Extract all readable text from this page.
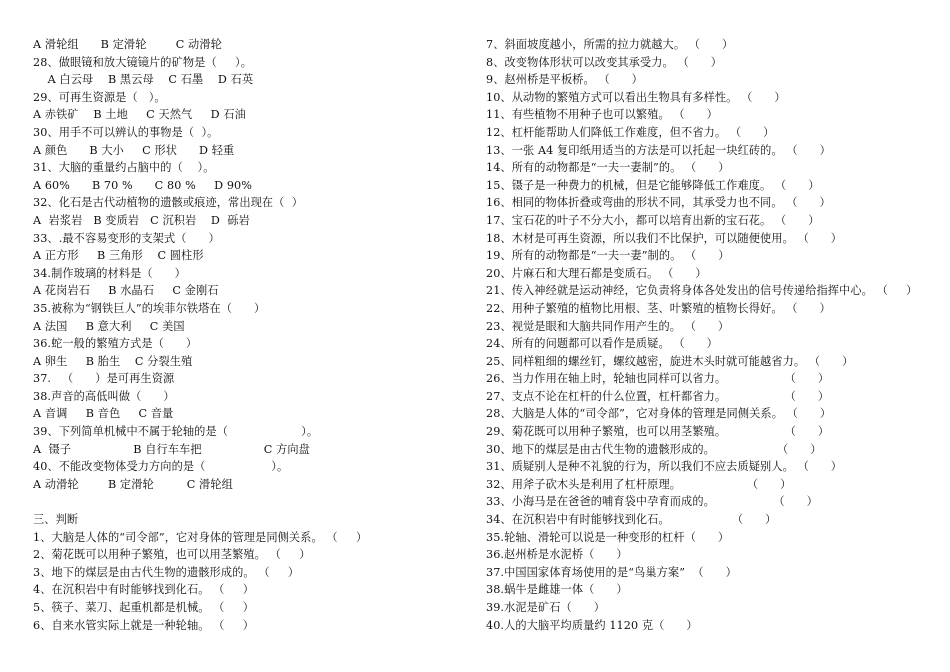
A 滑轮组      B 定滑轮        C 动滑轮
28、做眼镜和放大镜镜片的矿物是（     ）。
A 白云母    B 黑云母    C 石墨    D 石英
29、可再生资源是（   ）。
A 赤铁矿    B 土地     C 天然气     D 石油
30、用手不可以辨认的事物是（  ）。
A 颜色      B 大小     C 形状      D 轻重
31、大脑的重量约占脑中的（    ）。
A 60%      B 70 %      C 80 %     D 90%
32、化石是古代动植物的遗骸或痕迹，常出现在（  ）
A  岩浆岩   B 变质岩   C 沉积岩    D  砾岩
33、.最不容易变形的支架式（      ）
A 正方形     B 三角形    C 圆柱形
34.制作玻璃的材料是（      ）
A 花岗岩石     B 水晶石     C 金刚石
35.被称为“钢铁巨人”的埃菲尔铁塔在（      ）
A 法国     B 意大利     C 美国
36.蛇一般的繁殖方式是（      ）
A 卵生     B 胎生    C 分裂生殖
37.   （      ）是可再生资源
38.声音的高低叫做（      ）
A 音调     B 音色     C 音量
39、下列简单机械中不属于轮轴的是（                    ）。
A  镊子                 B 自行车车把                 C 方向盘
40、不能改变物体受力方向的是（                  ）。
A 动滑轮        B 定滑轮         C 滑轮组
三、判断
1、大脑是人体的“司令部”，它对身体的管理是同侧关系。 （     ）
2、菊花既可以用种子繁殖，也可以用茎繁殖。 （     ）
3、地下的煤层是由古代生物的遗骸形成的。 （     ）
4、在沉积岩中有时能够找到化石。 （     ）
5、筷子、菜刀、起重机都是机械。 （     ）
6、自来水管实际上就是一种轮轴。 （     ）
7、斜面坡度越小，所需的拉力就越大。 （      ）
8、改变物体形状可以改变其承受力。 （      ）
9、赵州桥是平板桥。 （      ）
10、从动物的繁殖方式可以看出生物具有多样性。 （      ）
11、有些植物不用种子也可以繁殖。 （      ）
12、杠杆能帮助人们降低工作难度，但不省力。 （      ）
13、一张 A4 复印纸用适当的方法是可以托起一块红砖的。 （      ）
14、所有的动物都是“一夫一妻制”的。 （      ）
15、镊子是一种费力的机械，但是它能够降低工作难度。 （      ）
16、相同的物体折叠或弯曲的形状不同，其承受力也不同。 （      ）
17、宝石花的叶子不分大小，都可以培育出新的宝石花。 （      ）
18、木材是可再生资源，所以我们不比保护，可以随便使用。 （      ）
19、所有的动物都是“一夫一妻”制的。 （      ）
20、片麻石和大理石都是变质石。 （      ）
21、传入神经就是运动神经，它负责将身体各处发出的信号传递给指挥中心。 （     ）
22、用种子繁殖的植物比用根、茎、叶繁殖的植物长得好。 （      ）
23、视觉是眼和大脑共同作用产生的。 （      ）
24、所有的问题都可以看作是质疑。 （      ）
25、同样粗细的螺丝钉，螺纹越密，旋进木头时就可能越省力。 （      ）
26、当力作用在轴上时，轮轴也同样可以省力。                （      ）
27、支点不论在杠杆的什么位置，杠杆都省力。                （      ）
28、大脑是人体的“司令部”，它对身体的管理是同侧关系。 （      ）
29、菊花既可以用种子繁殖，也可以用茎繁殖。                （      ）
30、地下的煤层是由古代生物的遗骸形成的。                 （      ）
31、质疑别人是种不礼貌的行为，所以我们不应去质疑别人。 （      ）
32、用斧子砍木头是利用了杠杆原理。                  （      ）
33、小海马是在爸爸的哺育袋中孕育而成的。                （      ）
34、在沉积岩中有时能够找到化石。                 （      ）
35.轮轴、滑轮可以说是一种变形的杠杆（      ）
36.赵州桥是水泥桥（      ）
37.中国国家体育场使用的是“鸟巢方案”  （      ）
38.蜗牛是雌雄一体（      ）
39.水泥是矿石（      ）
40.人的大脑平均质量约 1120 克（      ）
